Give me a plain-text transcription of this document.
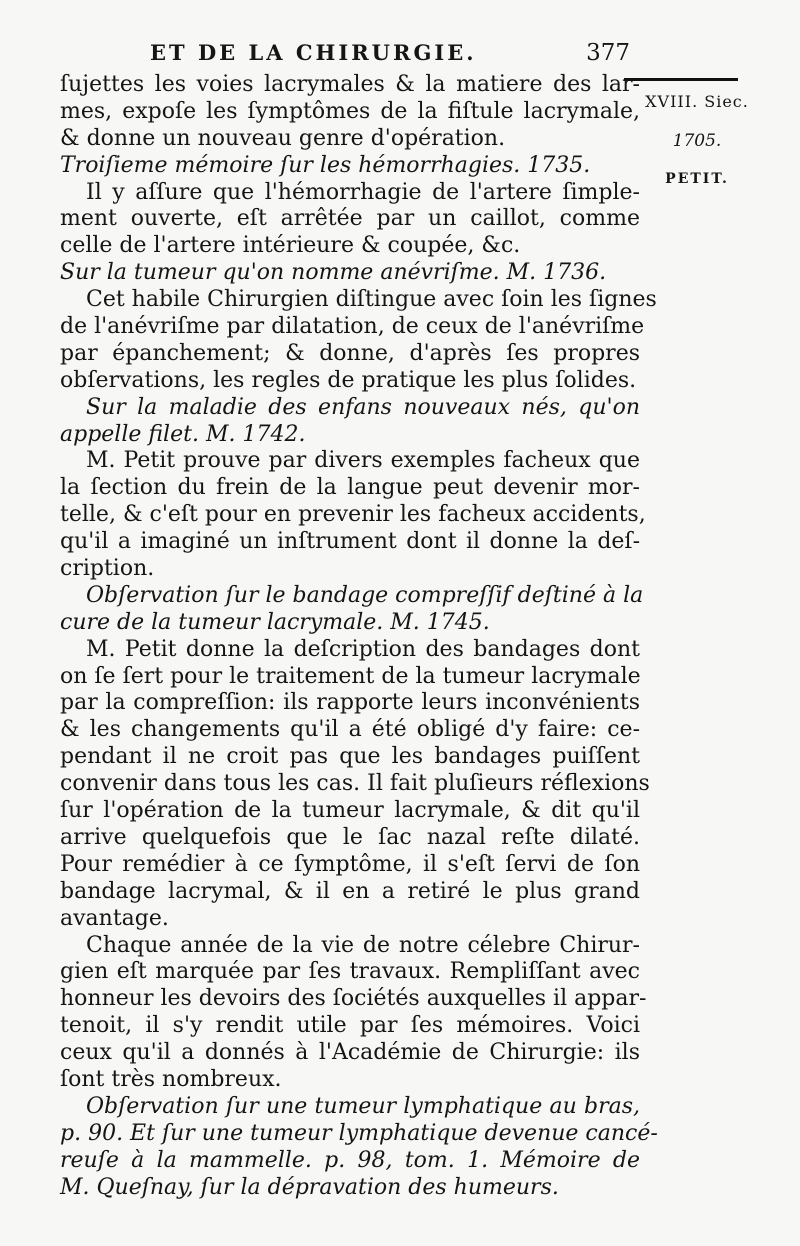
ET DE LA CHIRURGIE.	377
XVIII. Siec.
1705.
PETIT.
ſujettes les voies lacrymales & la matiere des lar-
mes, expoſe les ſymptômes de la fiſtule lacrymale,
& donne un nouveau genre d'opération.
Troiſieme mémoire ſur les hémorrhagies. 1735.
Il y aſſure que l'hémorrhagie de l'artere ſimple-
ment ouverte, eſt arrêtée par un caillot, comme
celle de l'artere intérieure & coupée, &c.
Sur la tumeur qu'on nomme anévriſme. M. 1736.
Cet habile Chirurgien diſtingue avec ſoin les ſignes
de l'anévriſme par dilatation, de ceux de l'anévriſme
par épanchement; & donne, d'après ſes propres
obſervations, les regles de pratique les plus ſolides.
Sur la maladie des enfans nouveaux nés, qu'on
appelle filet. M. 1742.
M. Petit prouve par divers exemples facheux que
la ſection du frein de la langue peut devenir mor-
telle, & c'eſt pour en prevenir les facheux accidents,
qu'il a imaginé un inſtrument dont il donne la deſ-
cription.
Obſervation ſur le bandage compreſſif deſtiné à la
cure de la tumeur lacrymale. M. 1745.
M. Petit donne la deſcription des bandages dont
on ſe ſert pour le traitement de la tumeur lacrymale
par la compreſſion: ils rapporte leurs inconvénients
& les changements qu'il a été obligé d'y faire: ce-
pendant il ne croit pas que les bandages puiſſent
convenir dans tous les cas. Il fait pluſieurs réflexions
ſur l'opération de la tumeur lacrymale, & dit qu'il
arrive quelquefois que le ſac nazal reſte dilaté.
Pour remédier à ce ſymptôme, il s'eſt ſervi de ſon
bandage lacrymal, & il en a retiré le plus grand
avantage.
Chaque année de la vie de notre célebre Chirur-
gien eſt marquée par ſes travaux. Rempliſſant avec
honneur les devoirs des ſociétés auxquelles il appar-
tenoit, il s'y rendit utile par ſes mémoires. Voici
ceux qu'il a donnés à l'Académie de Chirurgie: ils
ſont très nombreux.
Obſervation ſur une tumeur lymphatique au bras,
p. 90. Et ſur une tumeur lymphatique devenue cancé-
reuſe à la mammelle. p. 98, tom. 1. Mémoire de
M. Queſnay, ſur la dépravation des humeurs.
